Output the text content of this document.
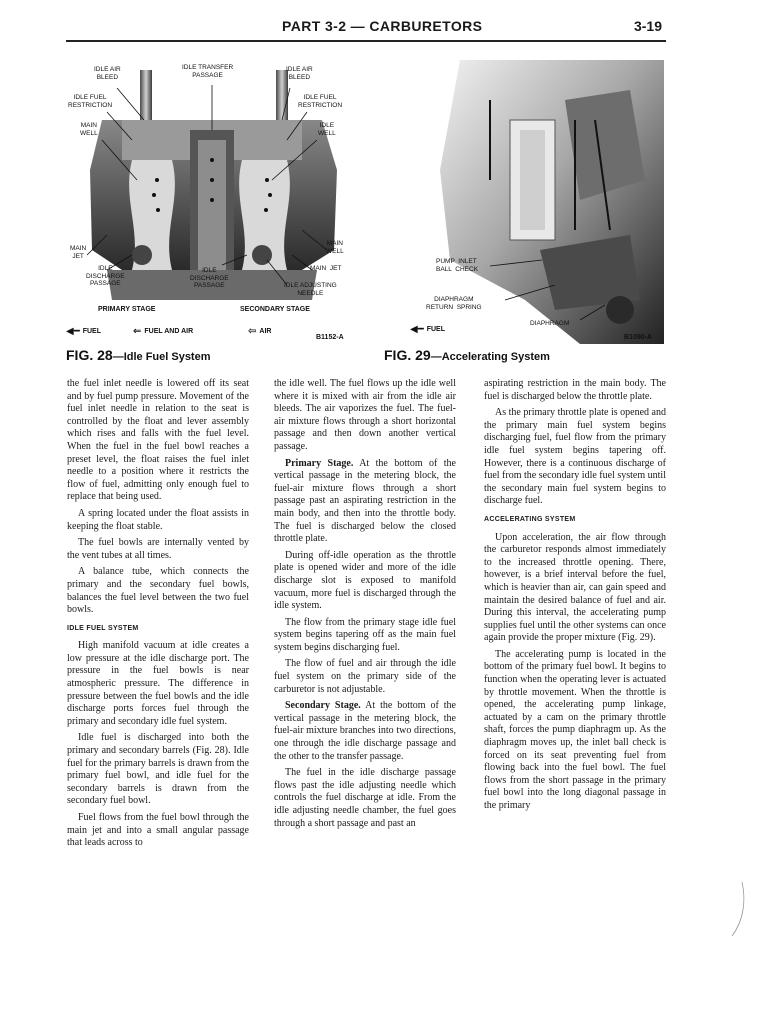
PART 3-2 — CARBURETORS	3-19
IDLE AIR
BLEED
IDLE TRANSFER
PASSAGE
IDLE AIR
BLEED
IDLE FUEL
RESTRICTION
IDLE FUEL
RESTRICTION
MAIN
WELL
IDLE
WELL
MAIN
JET
MAIN
WELL
IDLE
DISCHARGE
PASSAGE
IDLE
DISCHARGE
PASSAGE
MAIN  JET
IDLE ADJUSTING
NEEDLE
PRIMARY STAGE	SECONDARY STAGE
◀━ FUEL	⇐ FUEL AND AIR	⇦ AIR
B1152-A
FIG. 28—Idle Fuel System
PUMP  INLET
BALL  CHECK
DIAPHRAGM
RETURN  SPRING
DIAPHRAGM
◀━ FUEL
B1090-A
FIG. 29—Accelerating System

the fuel inlet needle is lowered off its seat and by fuel pump pressure. Movement of the fuel inlet needle in relation to the seat is controlled by the float and lever assembly which rises and falls with the fuel level. When the fuel in the fuel bowl reaches a preset level, the float raises the fuel inlet needle to a position where it restricts the flow of fuel, admitting only enough fuel to replace that being used.

A spring located under the float assists in keeping the float stable.

The fuel bowls are internally vented by the vent tubes at all times.

A balance tube, which connects the primary and the secondary fuel bowls, balances the fuel level between the two fuel bowls.

IDLE FUEL SYSTEM

High manifold vacuum at idle creates a low pressure at the idle discharge port. The pressure in the fuel bowls is near atmospheric pressure. The difference in pressure between the fuel bowls and the idle discharge ports forces fuel through the primary and secondary idle fuel system.

Idle fuel is discharged into both the primary and secondary barrels (Fig. 28). Idle fuel for the primary barrels is drawn from the primary fuel bowl, and idle fuel for the secondary barrels is drawn from the secondary fuel bowl.

Fuel flows from the fuel bowl through the main jet and into a small angular passage that leads across to

the idle well. The fuel flows up the idle well where it is mixed with air from the idle air bleeds. The air vaporizes the fuel. The fuel-air mixture flows through a short horizontal passage and then down another vertical passage.

Primary Stage. At the bottom of the vertical passage in the metering block, the fuel-air mixture flows through a short passage past an aspirating restriction in the main body, and then into the throttle body. The fuel is discharged below the closed throttle plate.

During off-idle operation as the throttle plate is opened wider and more of the idle discharge slot is exposed to manifold vacuum, more fuel is discharged through the idle system.

The flow from the primary stage idle fuel system begins tapering off as the main fuel system begins discharging fuel.

The flow of fuel and air through the idle fuel system on the primary side of the carburetor is not adjustable.

Secondary Stage. At the bottom of the vertical passage in the metering block, the fuel-air mixture branches into two directions, one through the idle discharge passage and the other to the transfer passage.

The fuel in the idle discharge passage flows past the idle adjusting needle which controls the fuel discharge at idle. From the idle adjusting needle chamber, the fuel goes through a short passage and past an

aspirating restriction in the main body. The fuel is discharged below the throttle plate.

As the primary throttle plate is opened and the primary main fuel system begins discharging fuel, fuel flow from the primary idle fuel system begins tapering off. However, there is a continuous discharge of fuel from the secondary idle fuel system until the secondary main fuel system begins to discharge fuel.

ACCELERATING SYSTEM

Upon acceleration, the air flow through the carburetor responds almost immediately to the increased throttle opening. There, however, is a brief interval before the fuel, which is heavier than air, can gain speed and maintain the desired balance of fuel and air. During this interval, the accelerating pump supplies fuel until the other systems can once again provide the proper mixture (Fig. 29).

The accelerating pump is located in the bottom of the primary fuel bowl. It begins to function when the operating lever is actuated by throttle movement. When the throttle is opened, the accelerating pump linkage, actuated by a cam on the primary throttle shaft, forces the pump diaphragm up. As the diaphragm moves up, the inlet ball check is forced on its seat preventing fuel from flowing back into the fuel bowl. The fuel flows from the short passage in the primary fuel bowl into the long diagonal passage in the primary
